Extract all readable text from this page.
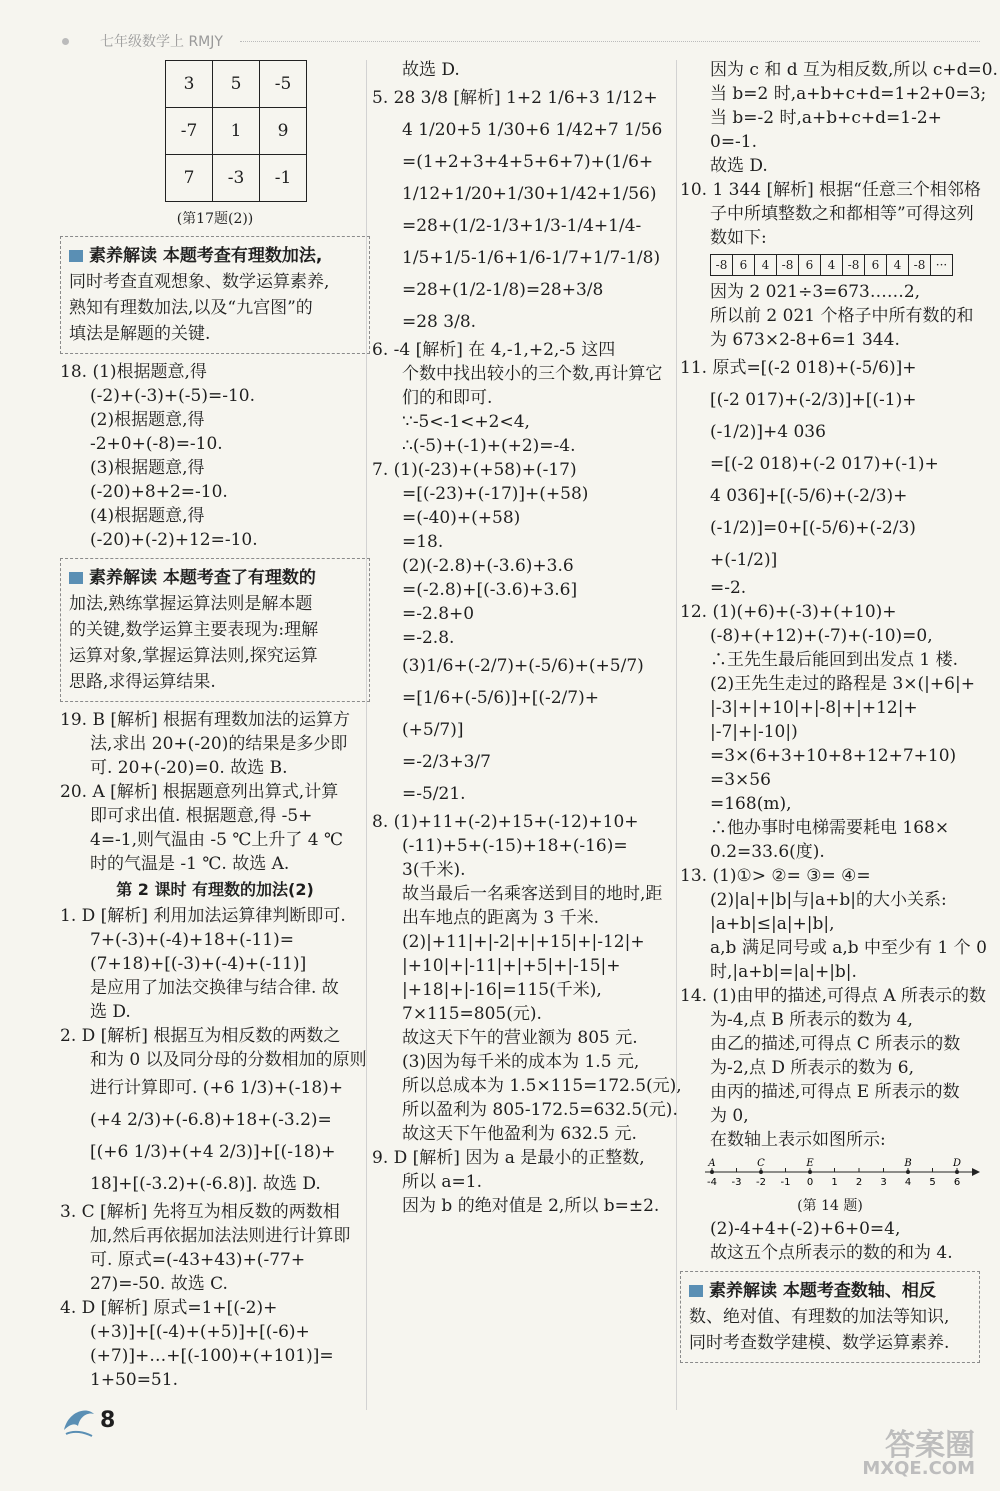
七年级数学上 RMJY
3	5	-5
-7	1	9
7	-3	-1
(第17题(2))
素养解读 本题考查有理数加法,
同时考查直观想象、数学运算素养,
熟知有理数加法,以及“九宫图”的
填法是解题的关键.
18. (1)根据题意,得
(-2)+(-3)+(-5)=-10.
(2)根据题意,得
-2+0+(-8)=-10.
(3)根据题意,得
(-20)+8+2=-10.
(4)根据题意,得
(-20)+(-2)+12=-10.
素养解读 本题考查了有理数的
加法,熟练掌握运算法则是解本题
的关键,数学运算主要表现为:理解
运算对象,掌握运算法则,探究运算
思路,求得运算结果.
19. B [解析] 根据有理数加法的运算方
法,求出 20+(-20)的结果是多少即
可. 20+(-20)=0. 故选 B.
20. A [解析] 根据题意列出算式,计算
即可求出值. 根据题意,得 -5+
4=-1,则气温由 -5 ℃上升了 4 ℃
时的气温是 -1 ℃. 故选 A.
第 2 课时 有理数的加法(2)
1. D [解析] 利用加法运算律判断即可.
7+(-3)+(-4)+18+(-11)=
(7+18)+[(-3)+(-4)+(-11)]
是应用了加法交换律与结合律. 故
选 D.
2. D [解析] 根据互为相反数的两数之
和为 0 以及同分母的分数相加的原则
进行计算即可. (+6 1/3)+(-18)+
(+4 2/3)+(-6.8)+18+(-3.2)=
[(+6 1/3)+(+4 2/3)]+[(-18)+
18]+[(-3.2)+(-6.8)]. 故选 D.
3. C [解析] 先将互为相反数的两数相
加,然后再依据加法法则进行计算即
可. 原式=(-43+43)+(-77+
27)=-50. 故选 C.
4. D [解析] 原式=1+[(-2)+
(+3)]+[(-4)+(+5)]+[(-6)+
(+7)]+…+[(-100)+(+101)]=
1+50=51.
故选 D.
5. 28 3/8 [解析] 1+2 1/6+3 1/12+
4 1/20+5 1/30+6 1/42+7 1/56
=(1+2+3+4+5+6+7)+(1/6+
1/12+1/20+1/30+1/42+1/56)
=28+(1/2-1/3+1/3-1/4+1/4-
1/5+1/5-1/6+1/6-1/7+1/7-1/8)
=28+(1/2-1/8)=28+3/8
=28 3/8.
6. -4 [解析] 在 4,-1,+2,-5 这四
个数中找出较小的三个数,再计算它
们的和即可.
∵-5<-1<+2<4,
∴(-5)+(-1)+(+2)=-4.
7. (1)(-23)+(+58)+(-17)
=[(-23)+(-17)]+(+58)
=(-40)+(+58)
=18.
(2)(-2.8)+(-3.6)+3.6
=(-2.8)+[(-3.6)+3.6]
=-2.8+0
=-2.8.
(3)1/6+(-2/7)+(-5/6)+(+5/7)
=[1/6+(-5/6)]+[(-2/7)+
(+5/7)]
=-2/3+3/7
=-5/21.
8. (1)+11+(-2)+15+(-12)+10+
(-11)+5+(-15)+18+(-16)=
3(千米).
故当最后一名乘客送到目的地时,距
出车地点的距离为 3 千米.
(2)|+11|+|-2|+|+15|+|-12|+
|+10|+|-11|+|+5|+|-15|+
|+18|+|-16|=115(千米),
7×115=805(元).
故这天下午的营业额为 805 元.
(3)因为每千米的成本为 1.5 元,
所以总成本为 1.5×115=172.5(元),
所以盈利为 805-172.5=632.5(元).
故这天下午他盈利为 632.5 元.
9. D [解析] 因为 a 是最小的正整数,
所以 a=1.
因为 b 的绝对值是 2,所以 b=±2.
因为 c 和 d 互为相反数,所以 c+d=0.
当 b=2 时,a+b+c+d=1+2+0=3;
当 b=-2 时,a+b+c+d=1-2+
0=-1.
故选 D.
10. 1 344 [解析] 根据“任意三个相邻格
子中所填整数之和都相等”可得这列
数如下:
-8	6	4	-8	6	4	-8	6	4	-8	···
因为 2 021÷3=673……2,
所以前 2 021 个格子中所有数的和
为 673×2-8+6=1 344.
11. 原式=[(-2 018)+(-5/6)]+
[(-2 017)+(-2/3)]+[(-1)+
(-1/2)]+4 036
=[(-2 018)+(-2 017)+(-1)+
4 036]+[(-5/6)+(-2/3)+
(-1/2)]=0+[(-5/6)+(-2/3)
+(-1/2)]
=-2.
12. (1)(+6)+(-3)+(+10)+
(-8)+(+12)+(-7)+(-10)=0,
∴王先生最后能回到出发点 1 楼.
(2)王先生走过的路程是 3×(|+6|+
|-3|+|+10|+|-8|+|+12|+
|-7|+|-10|)
=3×(6+3+10+8+12+7+10)
=3×56
=168(m),
∴他办事时电梯需要耗电 168×
0.2=33.6(度).
13. (1)①> ②= ③= ④=
(2)|a|+|b|与|a+b|的大小关系:
|a+b|≤|a|+|b|,
a,b 满足同号或 a,b 中至少有 1 个 0
时,|a+b|=|a|+|b|.
14. (1)由甲的描述,可得点 A 所表示的数
为-4,点 B 所表示的数为 4,
由乙的描述,可得点 C 所表示的数
为-2,点 D 所表示的数为 6,
由丙的描述,可得点 E 所表示的数
为 0,
在数轴上表示如图所示:
-4 -3 -2 -1 0 1 2 3 4 5 6
A	C	E	B	D
(第 14 题)
(2)-4+4+(-2)+6+0=4,
故这五个点所表示的数的和为 4.
素养解读 本题考查数轴、相反
数、绝对值、有理数的加法等知识,
同时考查数学建模、数学运算素养.
8
答案圈
MXQE.COM
